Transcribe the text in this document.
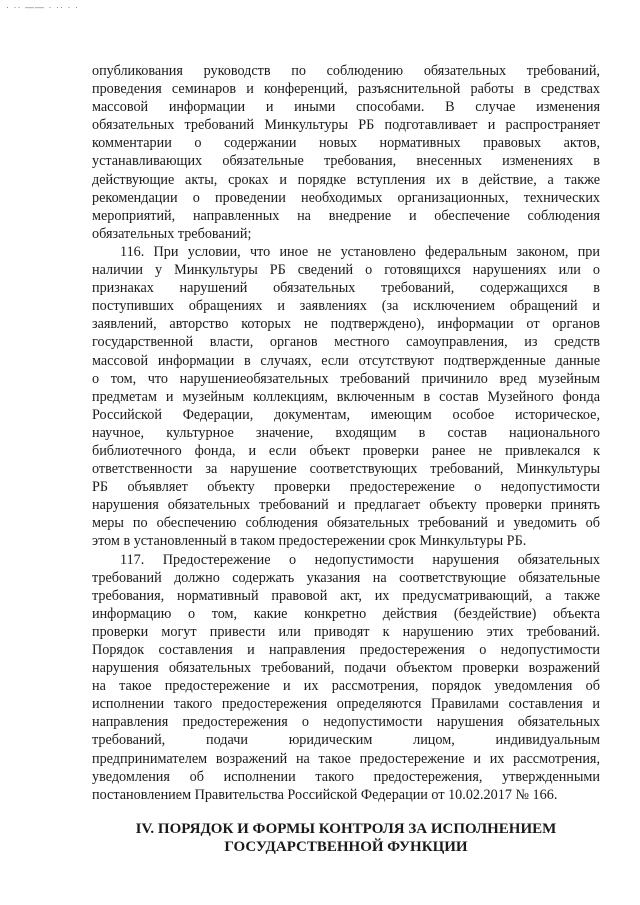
· ·· —— · ·· · ·
опубликования руководств по соблюдению обязательных требований,
проведения семинаров и конференций, разъяснительной работы в средствах
массовой информации и иными способами. В случае изменения
обязательных требований Минкультуры РБ подготавливает и распространяет
комментарии о содержании новых нормативных правовых актов,
устанавливающих обязательные требования, внесенных изменениях в
действующие акты, сроках и порядке вступления их в действие, а также
рекомендации о проведении необходимых организационных, технических
мероприятий, направленных на внедрение и обеспечение соблюдения
обязательных требований;
116. При условии, что иное не установлено федеральным законом, при
наличии у Минкультуры РБ сведений о готовящихся нарушениях или о
признаках нарушений обязательных требований, содержащихся в
поступивших обращениях и заявлениях (за исключением обращений и
заявлений, авторство которых не подтверждено), информации от органов
государственной власти, органов местного самоуправления, из средств
массовой информации в случаях, если отсутствуют подтвержденные данные
о том, что нарушениеобязательных требований причинило вред музейным
предметам и музейным коллекциям, включенным в состав Музейного фонда
Российской Федерации, документам, имеющим особое историческое,
научное, культурное значение, входящим в состав национального
библиотечного фонда, и если объект проверки ранее не привлекался к
ответственности за нарушение соответствующих требований, Минкультуры
РБ объявляет объекту проверки предостережение о недопустимости
нарушения обязательных требований и предлагает объекту проверки принять
меры по обеспечению соблюдения обязательных требований и уведомить об
этом в установленный в таком предостережении срок Минкультуры РБ.
117. Предостережение о недопустимости нарушения обязательных
требований должно содержать указания на соответствующие обязательные
требования, нормативный правовой акт, их предусматривающий, а также
информацию о том, какие конкретно действия (бездействие) объекта
проверки могут привести или приводят к нарушению этих требований.
Порядок составления и направления предостережения о недопустимости
нарушения обязательных требований, подачи объектом проверки возражений
на такое предостережение и их рассмотрения, порядок уведомления об
исполнении такого предостережения определяются Правилами составления и
направления предостережения о недопустимости нарушения обязательных
требований, подачи юридическим лицом, индивидуальным
предпринимателем возражений на такое предостережение и их рассмотрения,
уведомления об исполнении такого предостережения, утвержденными
постановлением Правительства Российской Федерации от 10.02.2017 № 166.
IV. ПОРЯДОК И ФОРМЫ КОНТРОЛЯ ЗА ИСПОЛНЕНИЕМ
ГОСУДАРСТВЕННОЙ ФУНКЦИИ
